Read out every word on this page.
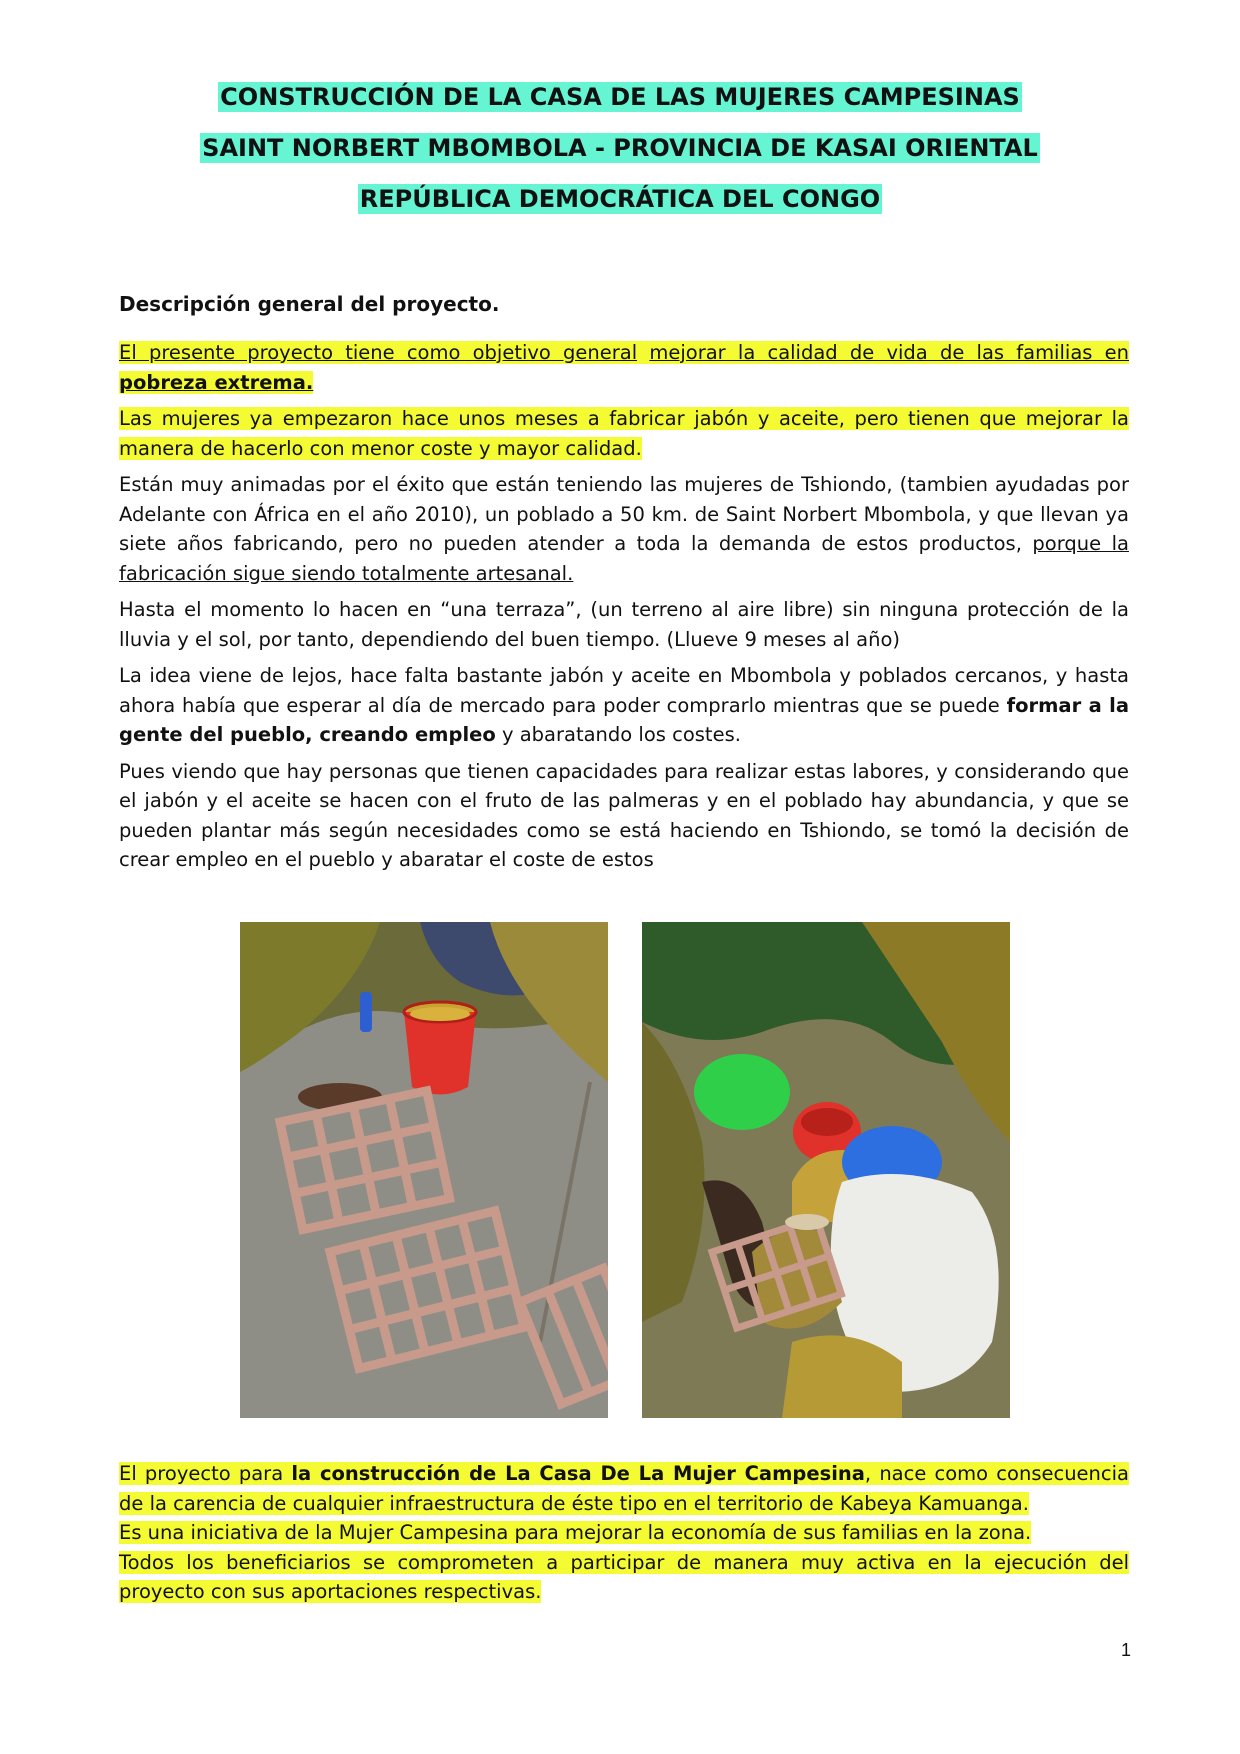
CONSTRUCCIÓN DE LA CASA DE LAS MUJERES CAMPESINAS
SAINT NORBERT MBOMBOLA - PROVINCIA DE KASAI ORIENTAL
REPÚBLICA DEMOCRÁTICA DEL CONGO
Descripción general del proyecto.

El presente proyecto tiene como objetivo general mejorar la calidad de vida de las familias en pobreza extrema.

Las mujeres ya empezaron hace unos meses a fabricar jabón y aceite, pero tienen que mejorar la manera de hacerlo con menor coste y mayor calidad.

Están muy animadas por el éxito que están teniendo las mujeres de Tshiondo, (tambien ayudadas por Adelante con África en el año 2010), un poblado a 50 km. de Saint Norbert Mbombola, y que llevan ya siete años fabricando, pero no pueden atender a toda la demanda de estos productos, porque la fabricación sigue siendo totalmente artesanal.

Hasta el momento lo hacen en “una terraza”, (un terreno al aire libre) sin ninguna protección de la lluvia y el sol, por tanto, dependiendo del buen tiempo. (Llueve 9 meses al año)

La idea viene de lejos, hace falta bastante jabón y aceite en Mbombola y poblados cercanos, y hasta ahora había que esperar al día de mercado para poder comprarlo mientras que se puede formar a la gente del pueblo, creando empleo y abaratando los costes.

Pues viendo que hay personas que tienen capacidades para realizar estas labores, y considerando que el jabón y el aceite se hacen con el fruto de las palmeras y en el poblado hay abundancia, y que se pueden plantar más según necesidades como se está haciendo en Tshiondo, se tomó la decisión de crear empleo en el pueblo y abaratar el coste de estos

El proyecto para la construcción de La Casa De La Mujer Campesina, nace como consecuencia de la carencia de cualquier infraestructura de éste tipo en el territorio de Kabeya Kamuanga.

Es una iniciativa de la Mujer Campesina para mejorar la economía de sus familias en la zona.

Todos los beneficiarios se comprometen a participar de manera muy activa en la ejecución del proyecto con sus aportaciones respectivas.

1
